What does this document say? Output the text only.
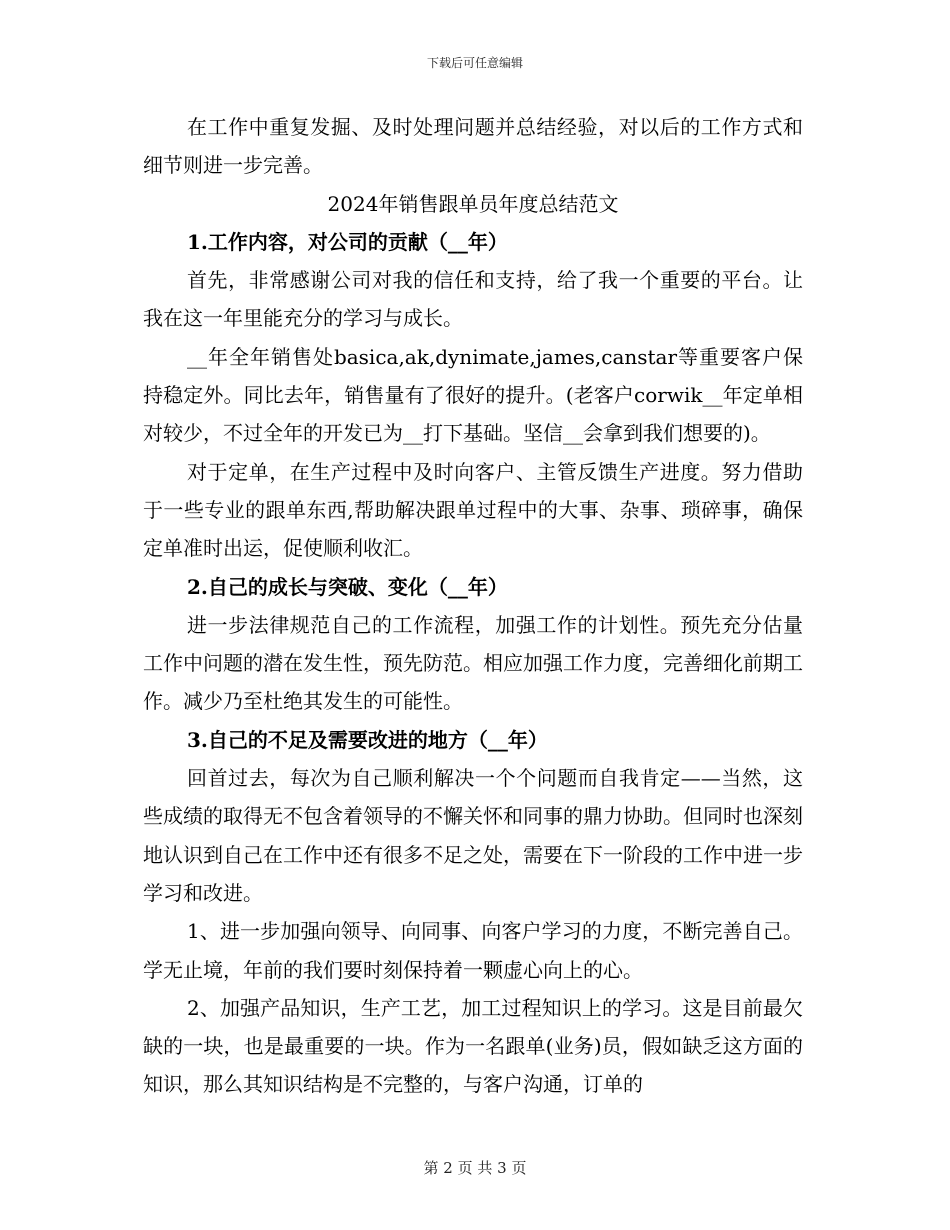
下载后可任意编辑

在工作中重复发掘、及时处理问题并总结经验，对以后的工作方式和细节则进一步完善。

2024年销售跟单员年度总结范文

1.工作内容，对公司的贡献（__年）

首先，非常感谢公司对我的信任和支持，给了我一个重要的平台。让我在这一年里能充分的学习与成长。

__年全年销售处basica,ak,dynimate,james,canstar等重要客户保持稳定外。同比去年，销售量有了很好的提升。(老客户corwik__年定单相对较少，不过全年的开发已为__打下基础。坚信__会拿到我们想要的)。

对于定单，在生产过程中及时向客户、主管反馈生产进度。努力借助于一些专业的跟单东西,帮助解决跟单过程中的大事、杂事、琐碎事，确保定单准时出运，促使顺利收汇。

2.自己的成长与突破、变化（__年）

进一步法律规范自己的工作流程，加强工作的计划性。预先充分估量工作中问题的潜在发生性，预先防范。相应加强工作力度，完善细化前期工作。减少乃至杜绝其发生的可能性。

3.自己的不足及需要改进的地方（__年）

回首过去，每次为自己顺利解决一个个问题而自我肯定——当然，这些成绩的取得无不包含着领导的不懈关怀和同事的鼎力协助。但同时也深刻地认识到自己在工作中还有很多不足之处，需要在下一阶段的工作中进一步学习和改进。

1、进一步加强向领导、向同事、向客户学习的力度，不断完善自己。学无止境，年前的我们要时刻保持着一颗虚心向上的心。

2、加强产品知识，生产工艺，加工过程知识上的学习。这是目前最欠缺的一块，也是最重要的一块。作为一名跟单(业务)员，假如缺乏这方面的知识，那么其知识结构是不完整的，与客户沟通，订单的

第 2 页 共 3 页
